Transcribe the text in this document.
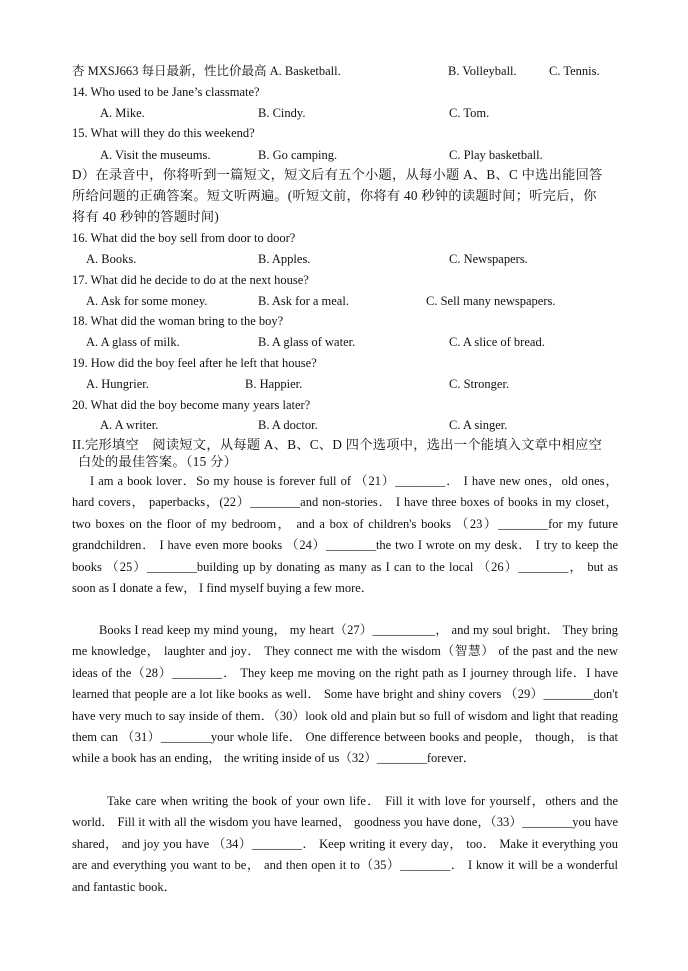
杏 MXSJ663 每日最新，性比价最高 A. Basketball.	B. Volleyball.	C. Tennis.
14. Who used to be Jane’s classmate?
A. Mike.	B. Cindy.	C. Tom.
15. What will they do this weekend?
A. Visit the museums.	B. Go camping.	C. Play basketball.
D）在录音中，你将听到一篇短文，短文后有五个小题，从每小题 A、B、C 中选出能回答
所给问题的正确答案。短文听两遍。(听短文前，你将有 40 秒钟的读题时间；听完后，你
将有 40 秒钟的答题时间)
16. What did the boy sell from door to door?
A. Books.	B. Apples.	C. Newspapers.
17. What did he decide to do at the next house?
A. Ask for some money.	B. Ask for a meal.	C. Sell many newspapers.
18. What did the woman bring to the boy?
A. A glass of milk.	B. A glass of water.	C. A slice of bread.
19. How did the boy feel after he left that house?
A. Hungrier.	B. Happier.	C. Stronger.
20. What did the boy become many years later?
A. A writer.	B. A doctor.	C. A singer.
II.完形填空　阅读短文，从每题 A、B、C、D 四个选项中，选出一个能填入文章中相应空
白处的最佳答案。（15 分）
I am a book lover．So my house is forever full of （21）________． I have new ones，old ones， hard covers， paperbacks，(22）________and non-stories． I have three boxes of books in my closet， two boxes on the floor of my bedroom， and a box of children's books （23）________for my future grandchildren． I have even more books （24）________the two I wrote on my desk． I try to keep the books （25）________building up by donating as many as I can to the local （26）________， but as soon as I donate a few， I find myself buying a few more．
Books I read keep my mind young， my heart（27）__________， and my soul bright． They bring me knowledge， laughter and joy． They connect me with the wisdom（智慧） of the past and the new ideas of the（28）________． They keep me moving on the right path as I journey through life．I have learned that people are a lot like books as well． Some have bright and shiny covers （29）________don't have very much to say inside of them．（30）look old and plain but so full of wisdom and light that reading them can （31）________your whole life． One difference between books and people， though， is that while a book has an ending， the writing inside of us（32）________forever．
Take care when writing the book of your own life． Fill it with love for yourself，others and the world． Fill it with all the wisdom you have learned， goodness you have done，（33）________you have shared， and joy you have （34）________． Keep writing it every day， too． Make it everything you are and everything you want to be， and then open it to（35）________． I know it will be a wonderful and fantastic book．
